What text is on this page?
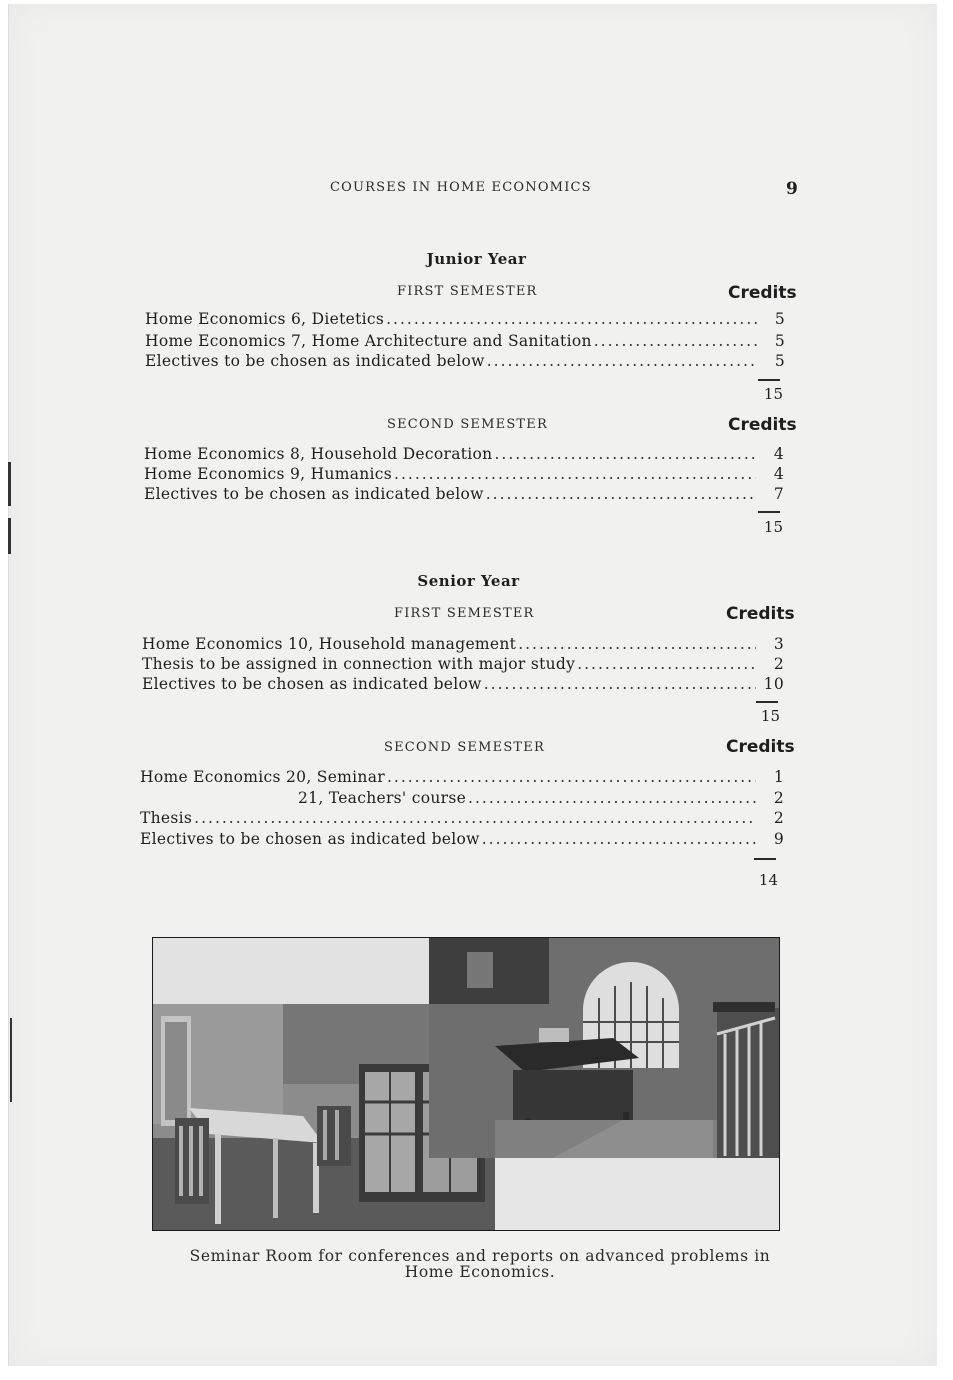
COURSES IN HOME ECONOMICS	9
Junior Year
FIRST SEMESTER	Credits
Home Economics 6, Dietetics .....	5
Home Economics 7, Home Architecture and Sanitation .....	5
Electives to be chosen as indicated below .....	5
15
SECOND SEMESTER	Credits
Home Economics 8, Household Decoration .....	4
Home Economics 9, Humanics .....	4
Electives to be chosen as indicated below .....	7
15
Senior Year
FIRST SEMESTER	Credits
Home Economics 10, Household management .....	3
Thesis to be assigned in connection with major study .....	2
Electives to be chosen as indicated below .....	10
15
SECOND SEMESTER	Credits
Home Economics 20, Seminar .....	1
21, Teachers' course .....	2
Thesis .....	2
Electives to be chosen as indicated below .....	9
14
Seminar Room for conferences and reports on advanced problems in
Home Economics.
